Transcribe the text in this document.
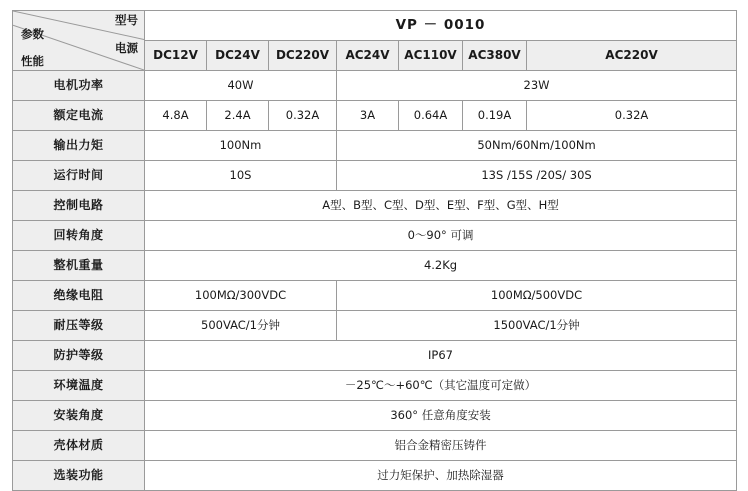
型号
电源
参数
性能	VP － 0010						
	DC12V	DC24V	DC220V	AC24V	AC110V	AC380V	AC220V
电机功率	40W			23W			
额定电流	4.8A	2.4A	0.32A	3A	0.64A	0.19A	0.32A
输出力矩	100Nm			50Nm/60Nm/100Nm			
运行时间	10S			13S /15S /20S/ 30S			
控制电路	A型、B型、C型、D型、E型、F型、G型、H型						
回转角度	0～90° 可调						
整机重量	4.2Kg						
绝缘电阻	100MΩ/300VDC			100MΩ/500VDC			
耐压等级	500VAC/1分钟			1500VAC/1分钟			
防护等级	IP67						
环境温度	－25℃～+60℃（其它温度可定做）						
安装角度	360° 任意角度安装						
壳体材质	铝合金精密压铸件						
选装功能	过力矩保护、加热除湿器						
